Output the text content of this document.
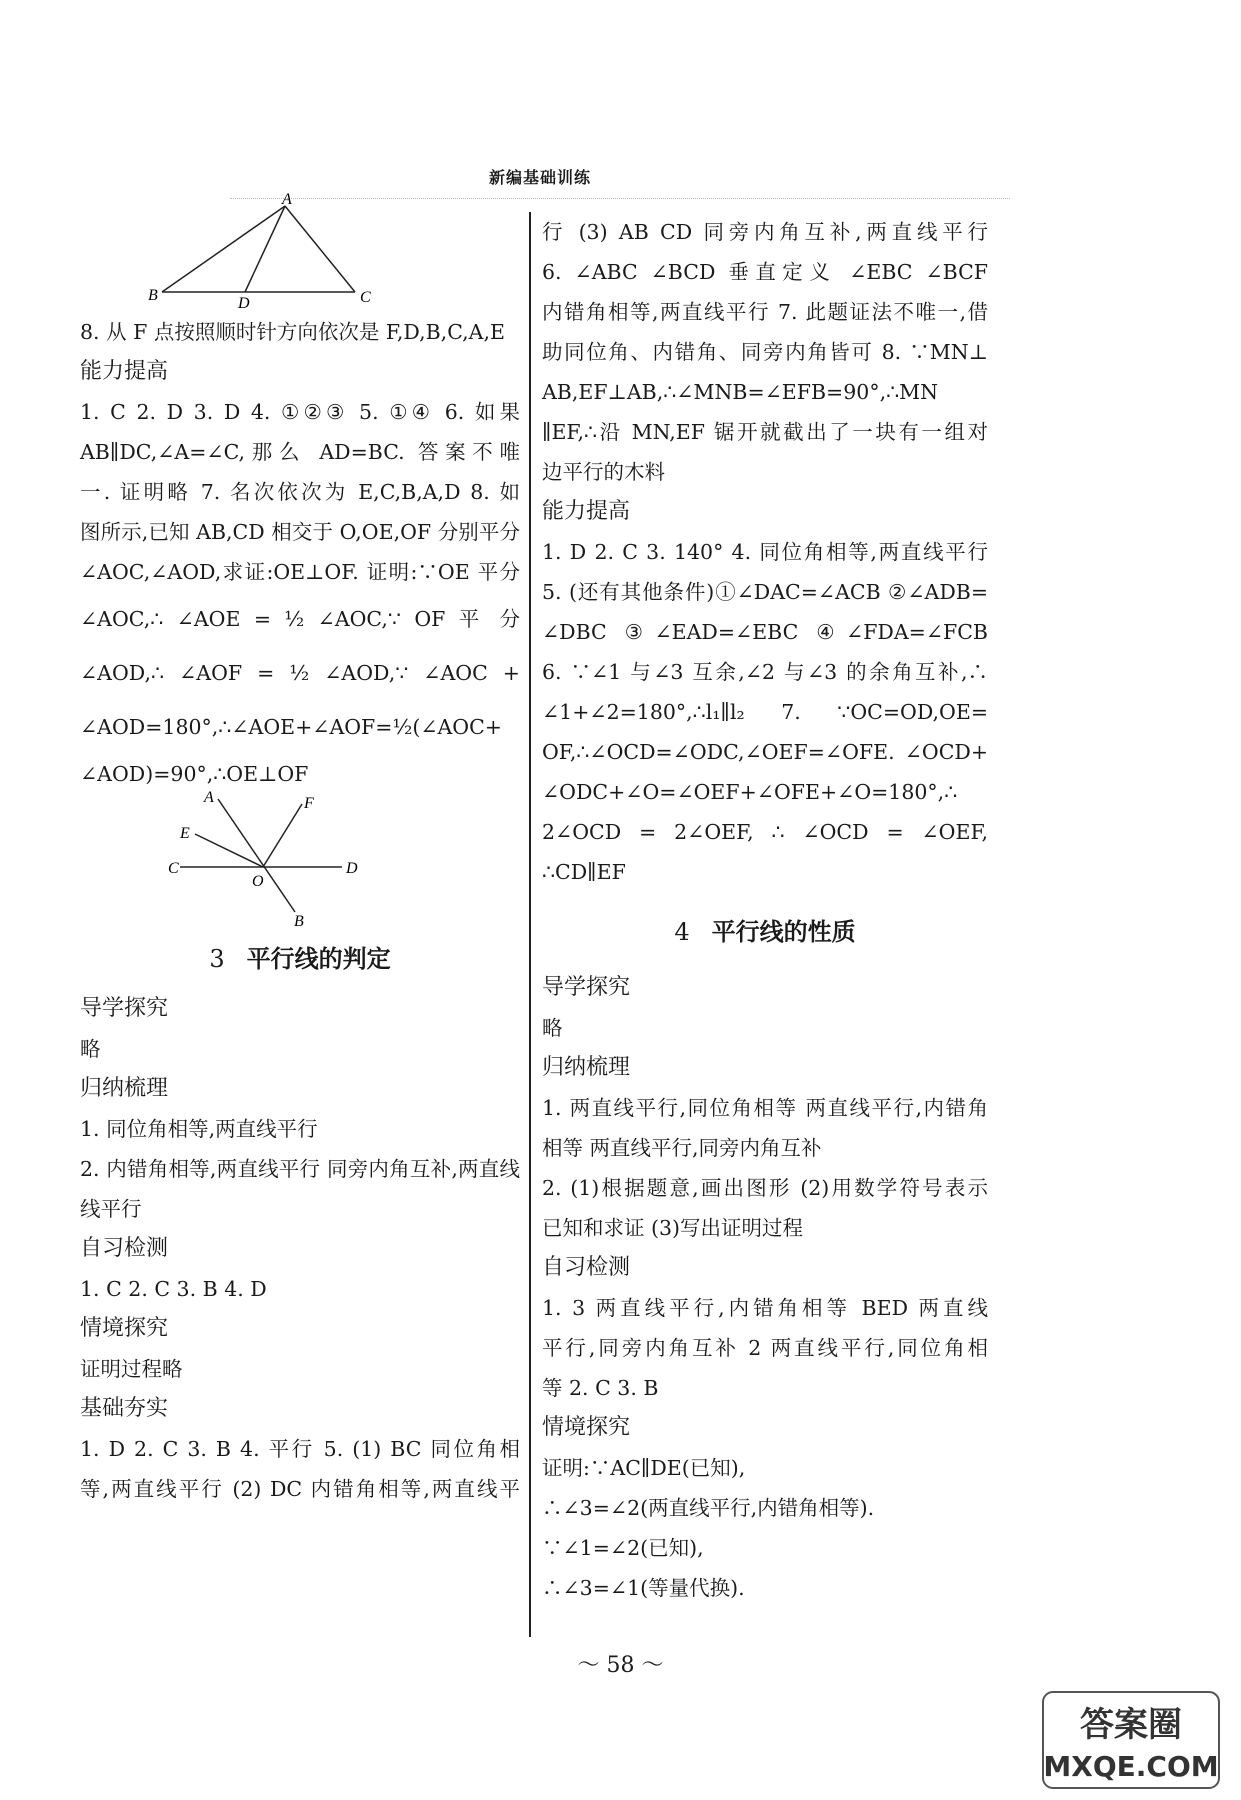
新编基础训练
A
B	D	C
8. 从 F 点按照顺时针方向依次是 F,D,B,C,A,E
能力提高
1. C 2. D 3. D 4. ①②③ 5. ①④ 6. 如果
AB∥DC,∠A=∠C,那么 AD=BC. 答案不唯
一. 证明略 7. 名次依次为 E,C,B,A,D 8. 如
图所示,已知 AB,CD 相交于 O,OE,OF 分别平分
∠AOC,∠AOD,求证:OE⊥OF. 证明:∵OE 平分
∠AOC,∴ ∠AOE = ½ ∠AOC,∵ OF 平 分
∠AOD,∴ ∠AOF = ½ ∠AOD,∵ ∠AOC +
∠AOD=180°,∴∠AOE+∠AOF=½(∠AOC+
∠AOD)=90°,∴OE⊥OF
A	F
E
C
O
D
B
3 平行线的判定
导学探究
略
归纳梳理
1. 同位角相等,两直线平行
2. 内错角相等,两直线平行 同旁内角互补,两直线
线平行
自习检测
1. C 2. C 3. B 4. D
情境探究
证明过程略
基础夯实
1. D 2. C 3. B 4. 平行 5. (1) BC 同位角相
等,两直线平行 (2) DC 内错角相等,两直线平
行 (3) AB CD 同旁内角互补,两直线平行
6. ∠ABC ∠BCD 垂直定义 ∠EBC ∠BCF
内错角相等,两直线平行 7. 此题证法不唯一,借
助同位角、内错角、同旁内角皆可 8. ∵MN⊥
AB,EF⊥AB,∴∠MNB=∠EFB=90°,∴MN
∥EF,∴沿 MN,EF 锯开就截出了一块有一组对
边平行的木料
能力提高
1. D 2. C 3. 140° 4. 同位角相等,两直线平行
5. (还有其他条件)①∠DAC=∠ACB ②∠ADB=
∠DBC ③∠EAD=∠EBC ④∠FDA=∠FCB
6. ∵∠1 与∠3 互余,∠2 与∠3 的余角互补,∴
∠1+∠2=180°,∴l₁∥l₂ 7. ∵OC=OD,OE=
OF,∴∠OCD=∠ODC,∠OEF=∠OFE. ∠OCD+
∠ODC+∠O=∠OEF+∠OFE+∠O=180°,∴
2∠OCD = 2∠OEF, ∴ ∠OCD = ∠OEF,
∴CD∥EF
4 平行线的性质
导学探究
略
归纳梳理
1. 两直线平行,同位角相等 两直线平行,内错角
相等 两直线平行,同旁内角互补
2. (1)根据题意,画出图形 (2)用数学符号表示
已知和求证 (3)写出证明过程
自习检测
1. 3 两直线平行,内错角相等 BED 两直线
平行,同旁内角互补 2 两直线平行,同位角相
等 2. C 3. B
情境探究
证明:∵AC∥DE(已知),
∴∠3=∠2(两直线平行,内错角相等).
∵∠1=∠2(已知),
∴∠3=∠1(等量代换).
～ 58 ～
答案圈
MXQE.COM
